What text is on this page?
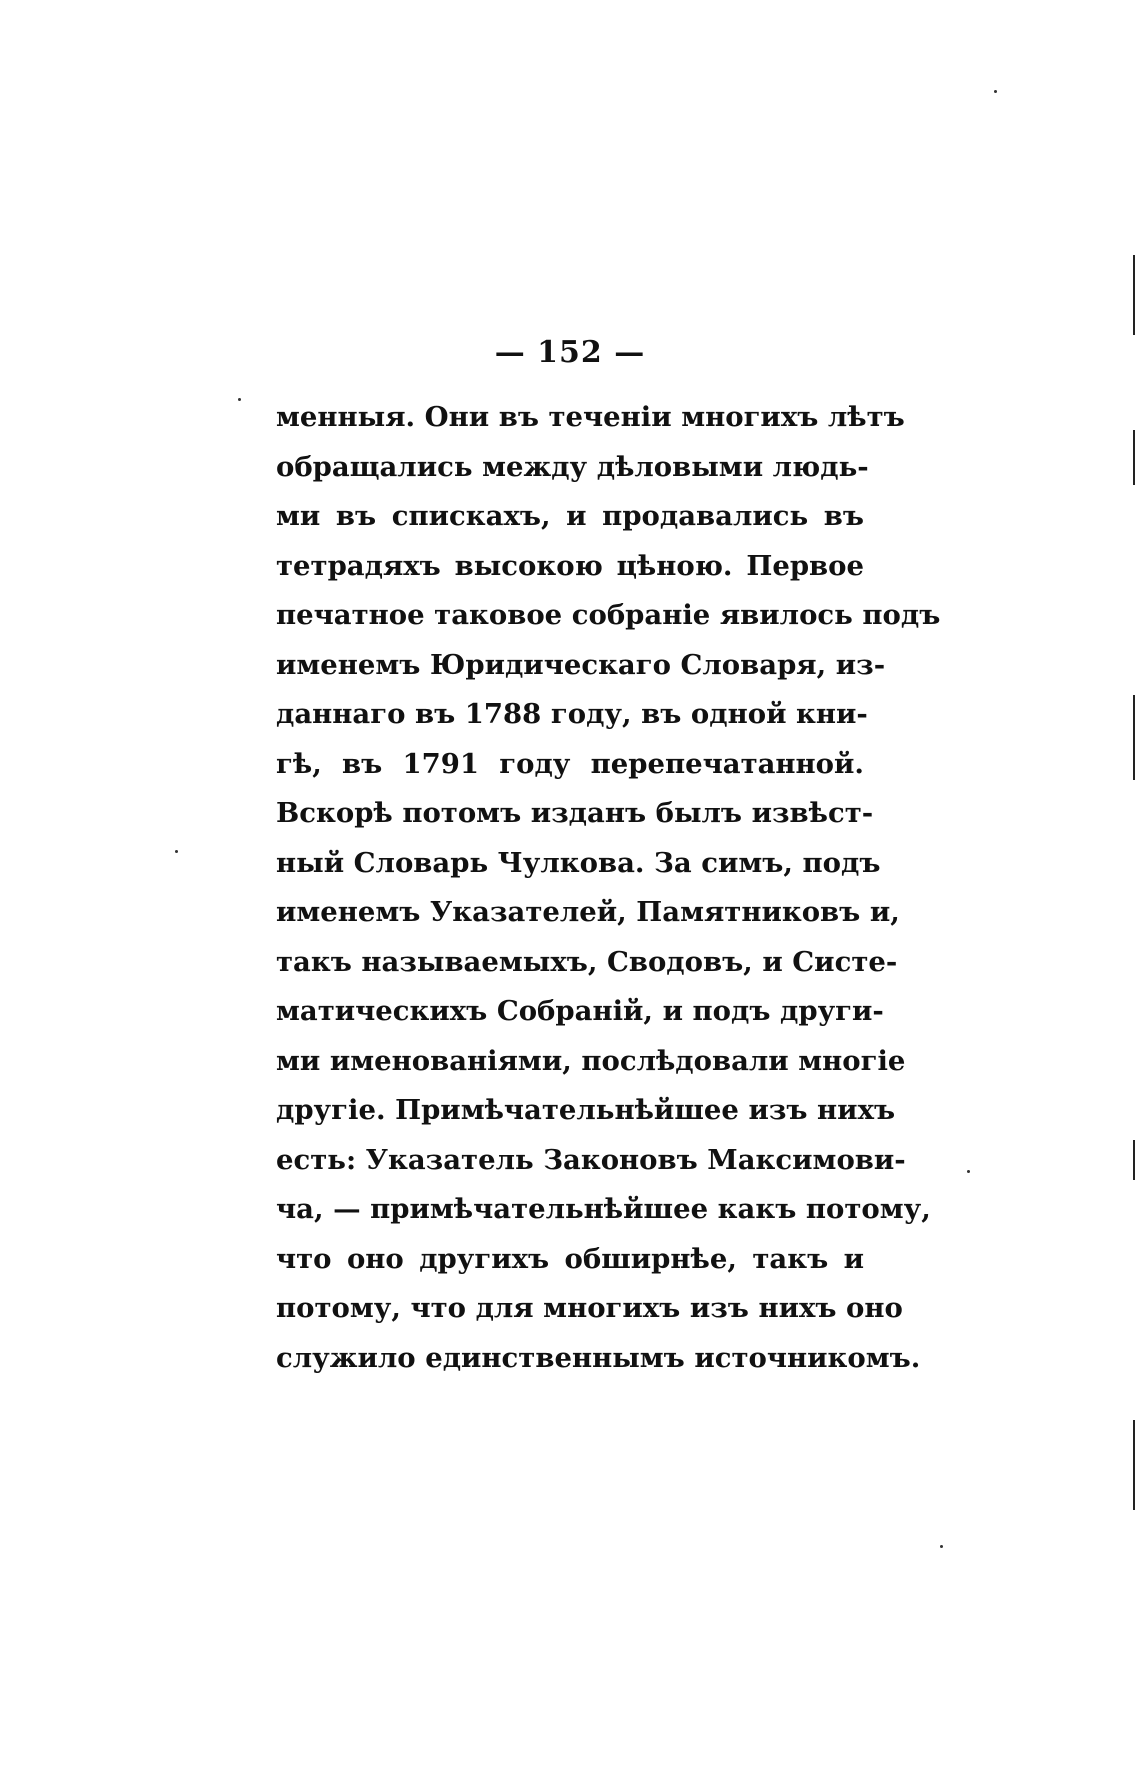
— 152 —
менныя. Они въ теченіи многихъ лѣтъ
обращались между дѣловыми людь-
ми въ спискахъ, и продавались въ
тетрадяхъ высокою цѣною. Первое
печатное таковое собраніе явилось подъ
именемъ Юридическаго Словаря, из-
даннаго въ 1788 году, въ одной кни-
гѣ, въ 1791 году перепечатанной.
Вскорѣ потомъ изданъ былъ извѣст-
ный Словарь Чулкова. За симъ, подъ
именемъ Указателей, Памятниковъ и,
такъ называемыхъ, Сводовъ, и Систе-
матическихъ Собраній, и подъ други-
ми именованіями, послѣдовали многіе
другіе. Примѣчательнѣйшее изъ нихъ
есть: Указатель Законовъ Максимови-
ча, — примѣчательнѣйшее какъ потому,
что оно другихъ обширнѣе, такъ и
потому, что для многихъ изъ нихъ оно
служило единственнымъ источникомъ.
